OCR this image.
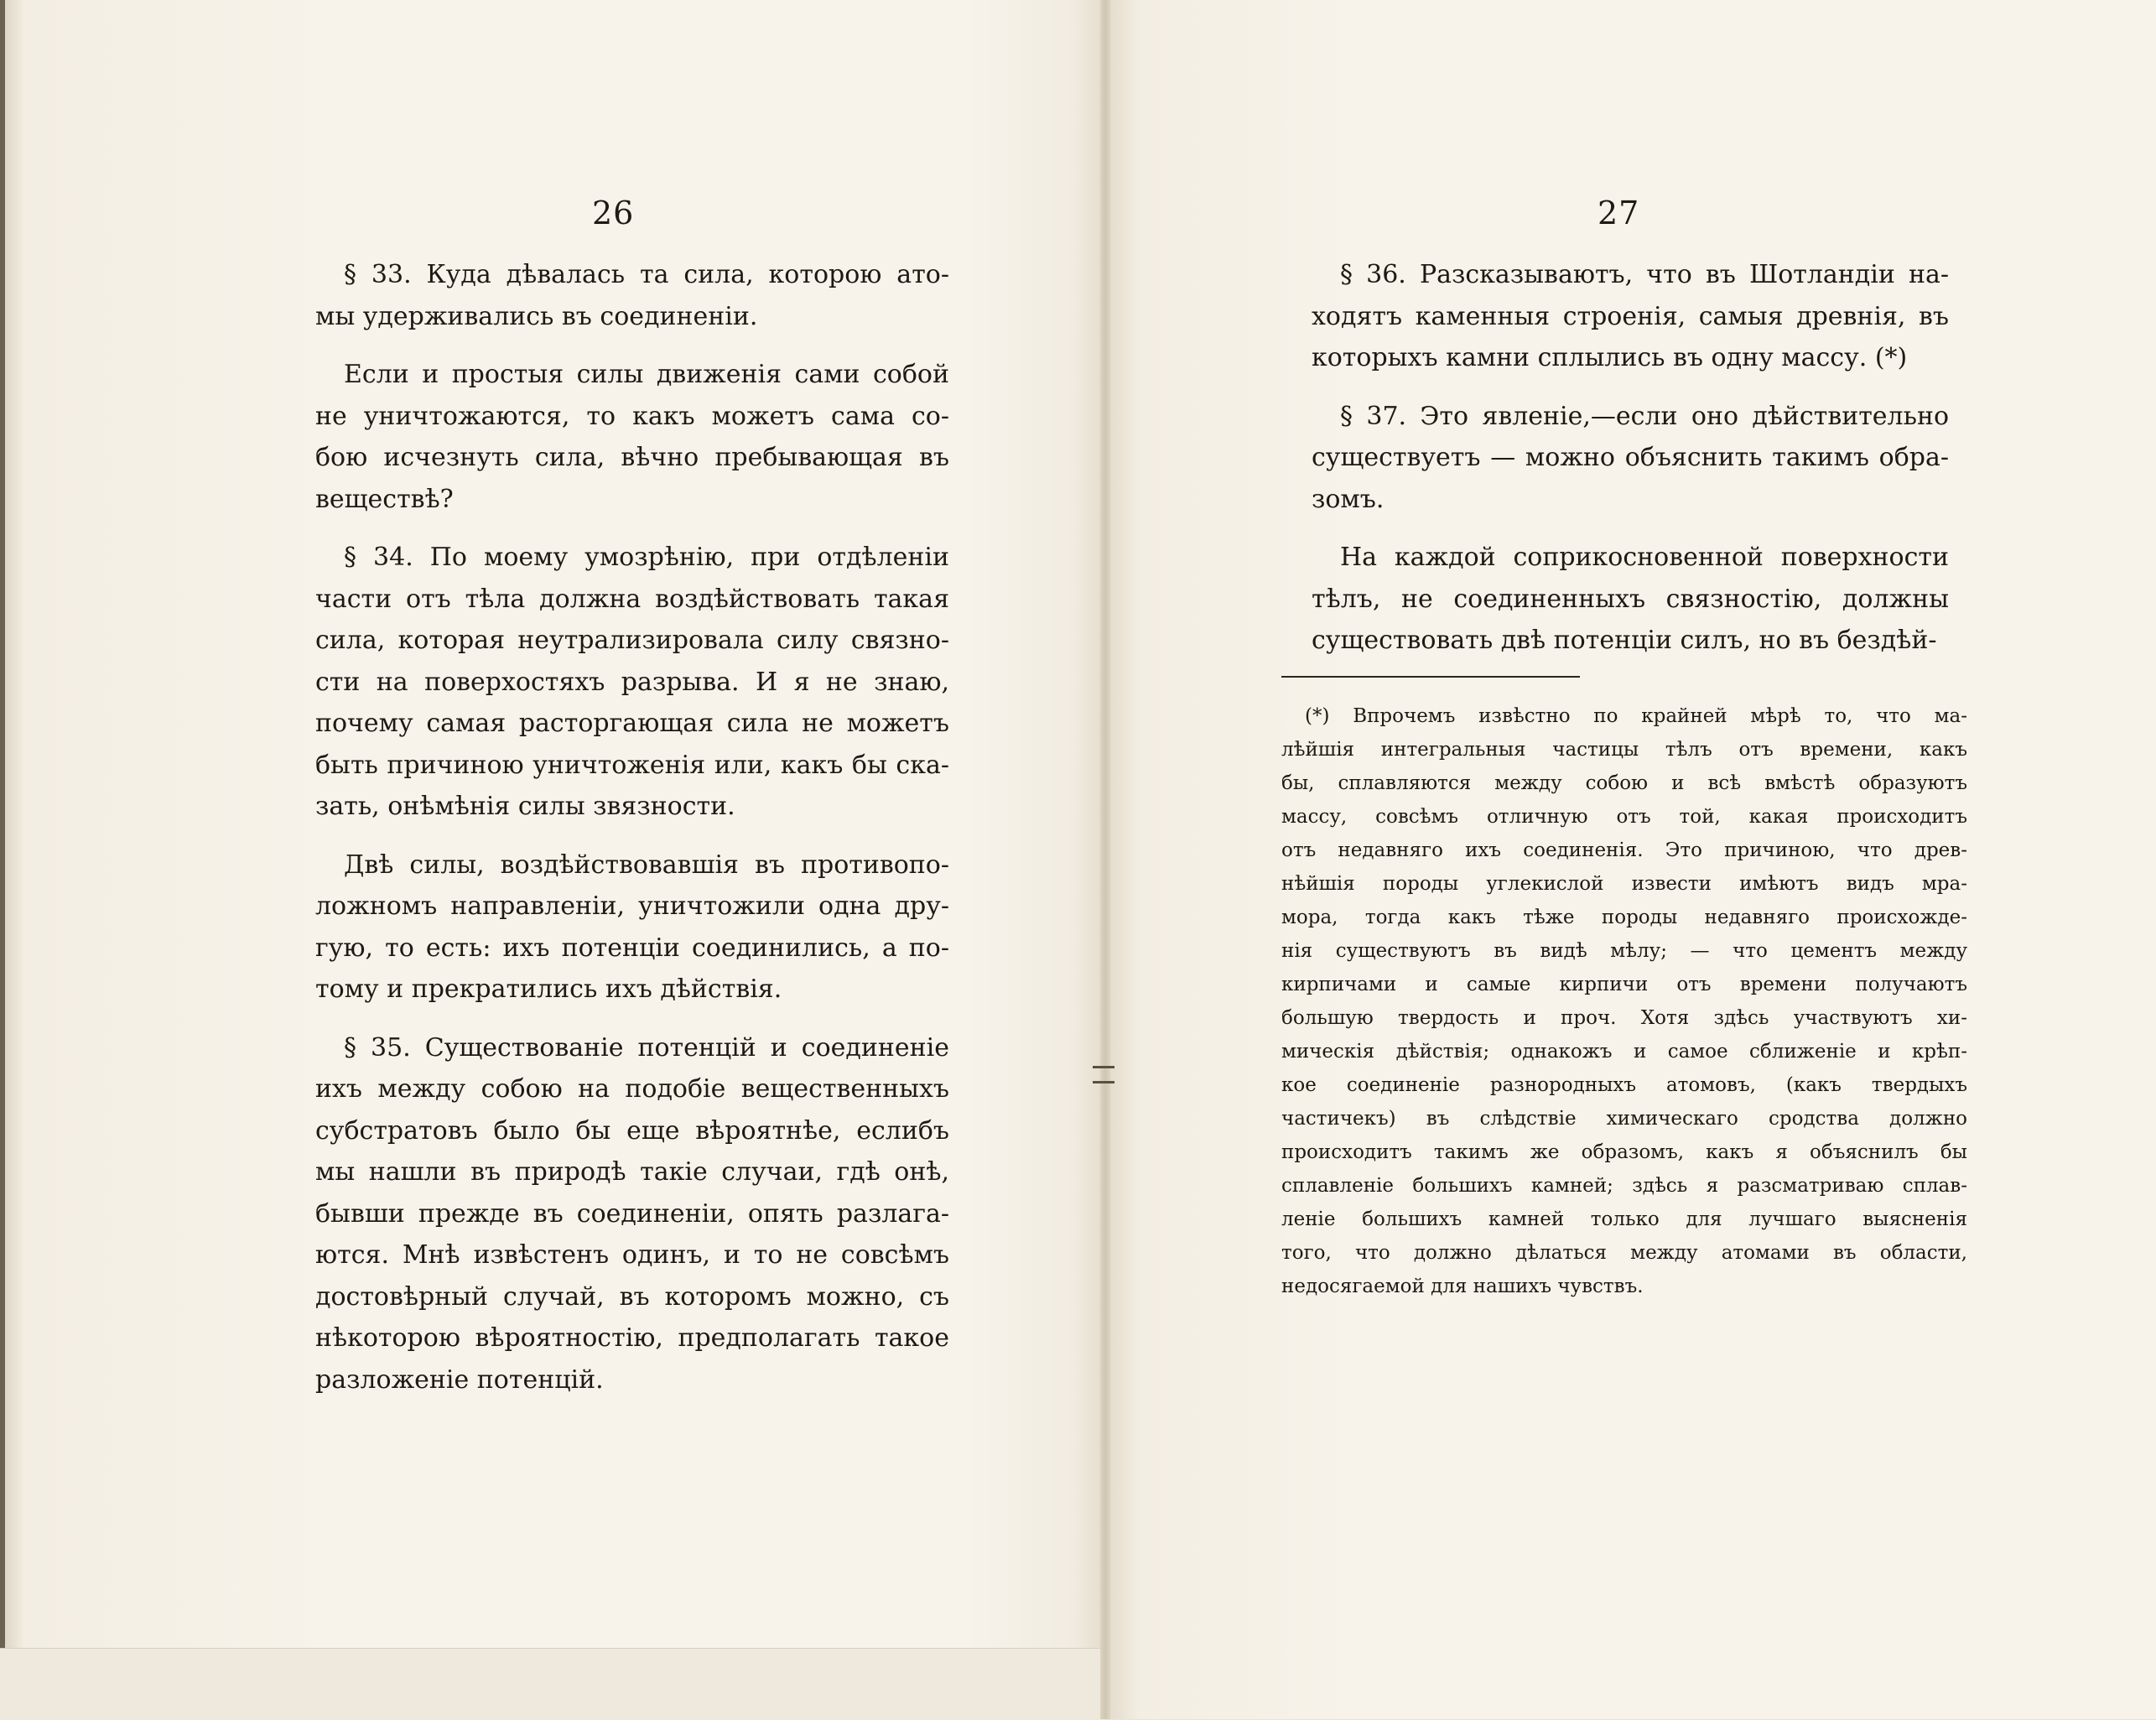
26	27
§ 33. Куда дѣвалась та сила, которою ато-
мы удерживались въ соединеніи.
Если и простыя силы движенія сами собой
не уничтожаются, то какъ можетъ сама со-
бою исчезнуть сила, вѣчно пребывающая въ
веществѣ?
§ 34. По моему умозрѣнію, при отдѣленіи
части отъ тѣла должна воздѣйствовать такая
сила, которая неутрализировала силу связно-
сти на поверхостяхъ разрыва. И я не знаю,
почему самая расторгающая сила не можетъ
быть причиною уничтоженія или, какъ бы ска-
зать, онѣмѣнія силы звязности.
Двѣ силы, воздѣйствовавшія въ противопо-
ложномъ направленіи, уничтожили одна дру-
гую, то есть: ихъ потенціи соединились, а по-
тому и прекратились ихъ дѣйствія.
§ 35. Существованіе потенцій и соединеніе
ихъ между собою на подобіе вещественныхъ
субстратовъ было бы еще вѣроятнѣе, еслибъ
мы нашли въ природѣ такіе случаи, гдѣ онѣ,
бывши прежде въ соединеніи, опять разлага-
ются. Мнѣ извѣстенъ одинъ, и то не совсѣмъ
достовѣрный случай, въ которомъ можно, съ
нѣкоторою вѣроятностію, предполагать такое
разложеніе потенцій.
§ 36. Разсказываютъ, что въ Шотландіи на-
ходятъ каменныя строенія, самыя древнія, въ
которыхъ камни сплылись въ одну массу. (*)
§ 37. Это явленіе,—если оно дѣйствительно
существуетъ — можно объяснить такимъ обра-
зомъ.
На каждой соприкосновенной поверхности
тѣлъ, не соединенныхъ связностію, должны
существовать двѣ потенціи силъ, но въ бездѣй-
(*) Впрочемъ извѣстно по крайней мѣрѣ то, что ма-
лѣйшія интегральныя частицы тѣлъ отъ времени, какъ
бы, сплавляются между собою и всѣ вмѣстѣ образуютъ
массу, совсѣмъ отличную отъ той, какая происходитъ
отъ недавняго ихъ соединенія. Это причиною, что древ-
нѣйшія породы углекислой извести имѣютъ видъ мра-
мора, тогда какъ тѣже породы недавняго происхожде-
нія существуютъ въ видѣ мѣлу; — что цементъ между
кирпичами и самые кирпичи отъ времени получаютъ
большую твердость и проч. Хотя здѣсь участвуютъ хи-
мическія дѣйствія; однакожъ и самое сближеніе и крѣп-
кое соединеніе разнородныхъ атомовъ, (какъ твердыхъ
частичекъ) въ слѣдствіе химическаго сродства должно
происходитъ такимъ же образомъ, какъ я объяснилъ бы
сплавленіе большихъ камней; здѣсь я разсматриваю сплав-
леніе большихъ камней только для лучшаго выясненія
того, что должно дѣлаться между атомами въ области,
недосягаемой для нашихъ чувствъ.
